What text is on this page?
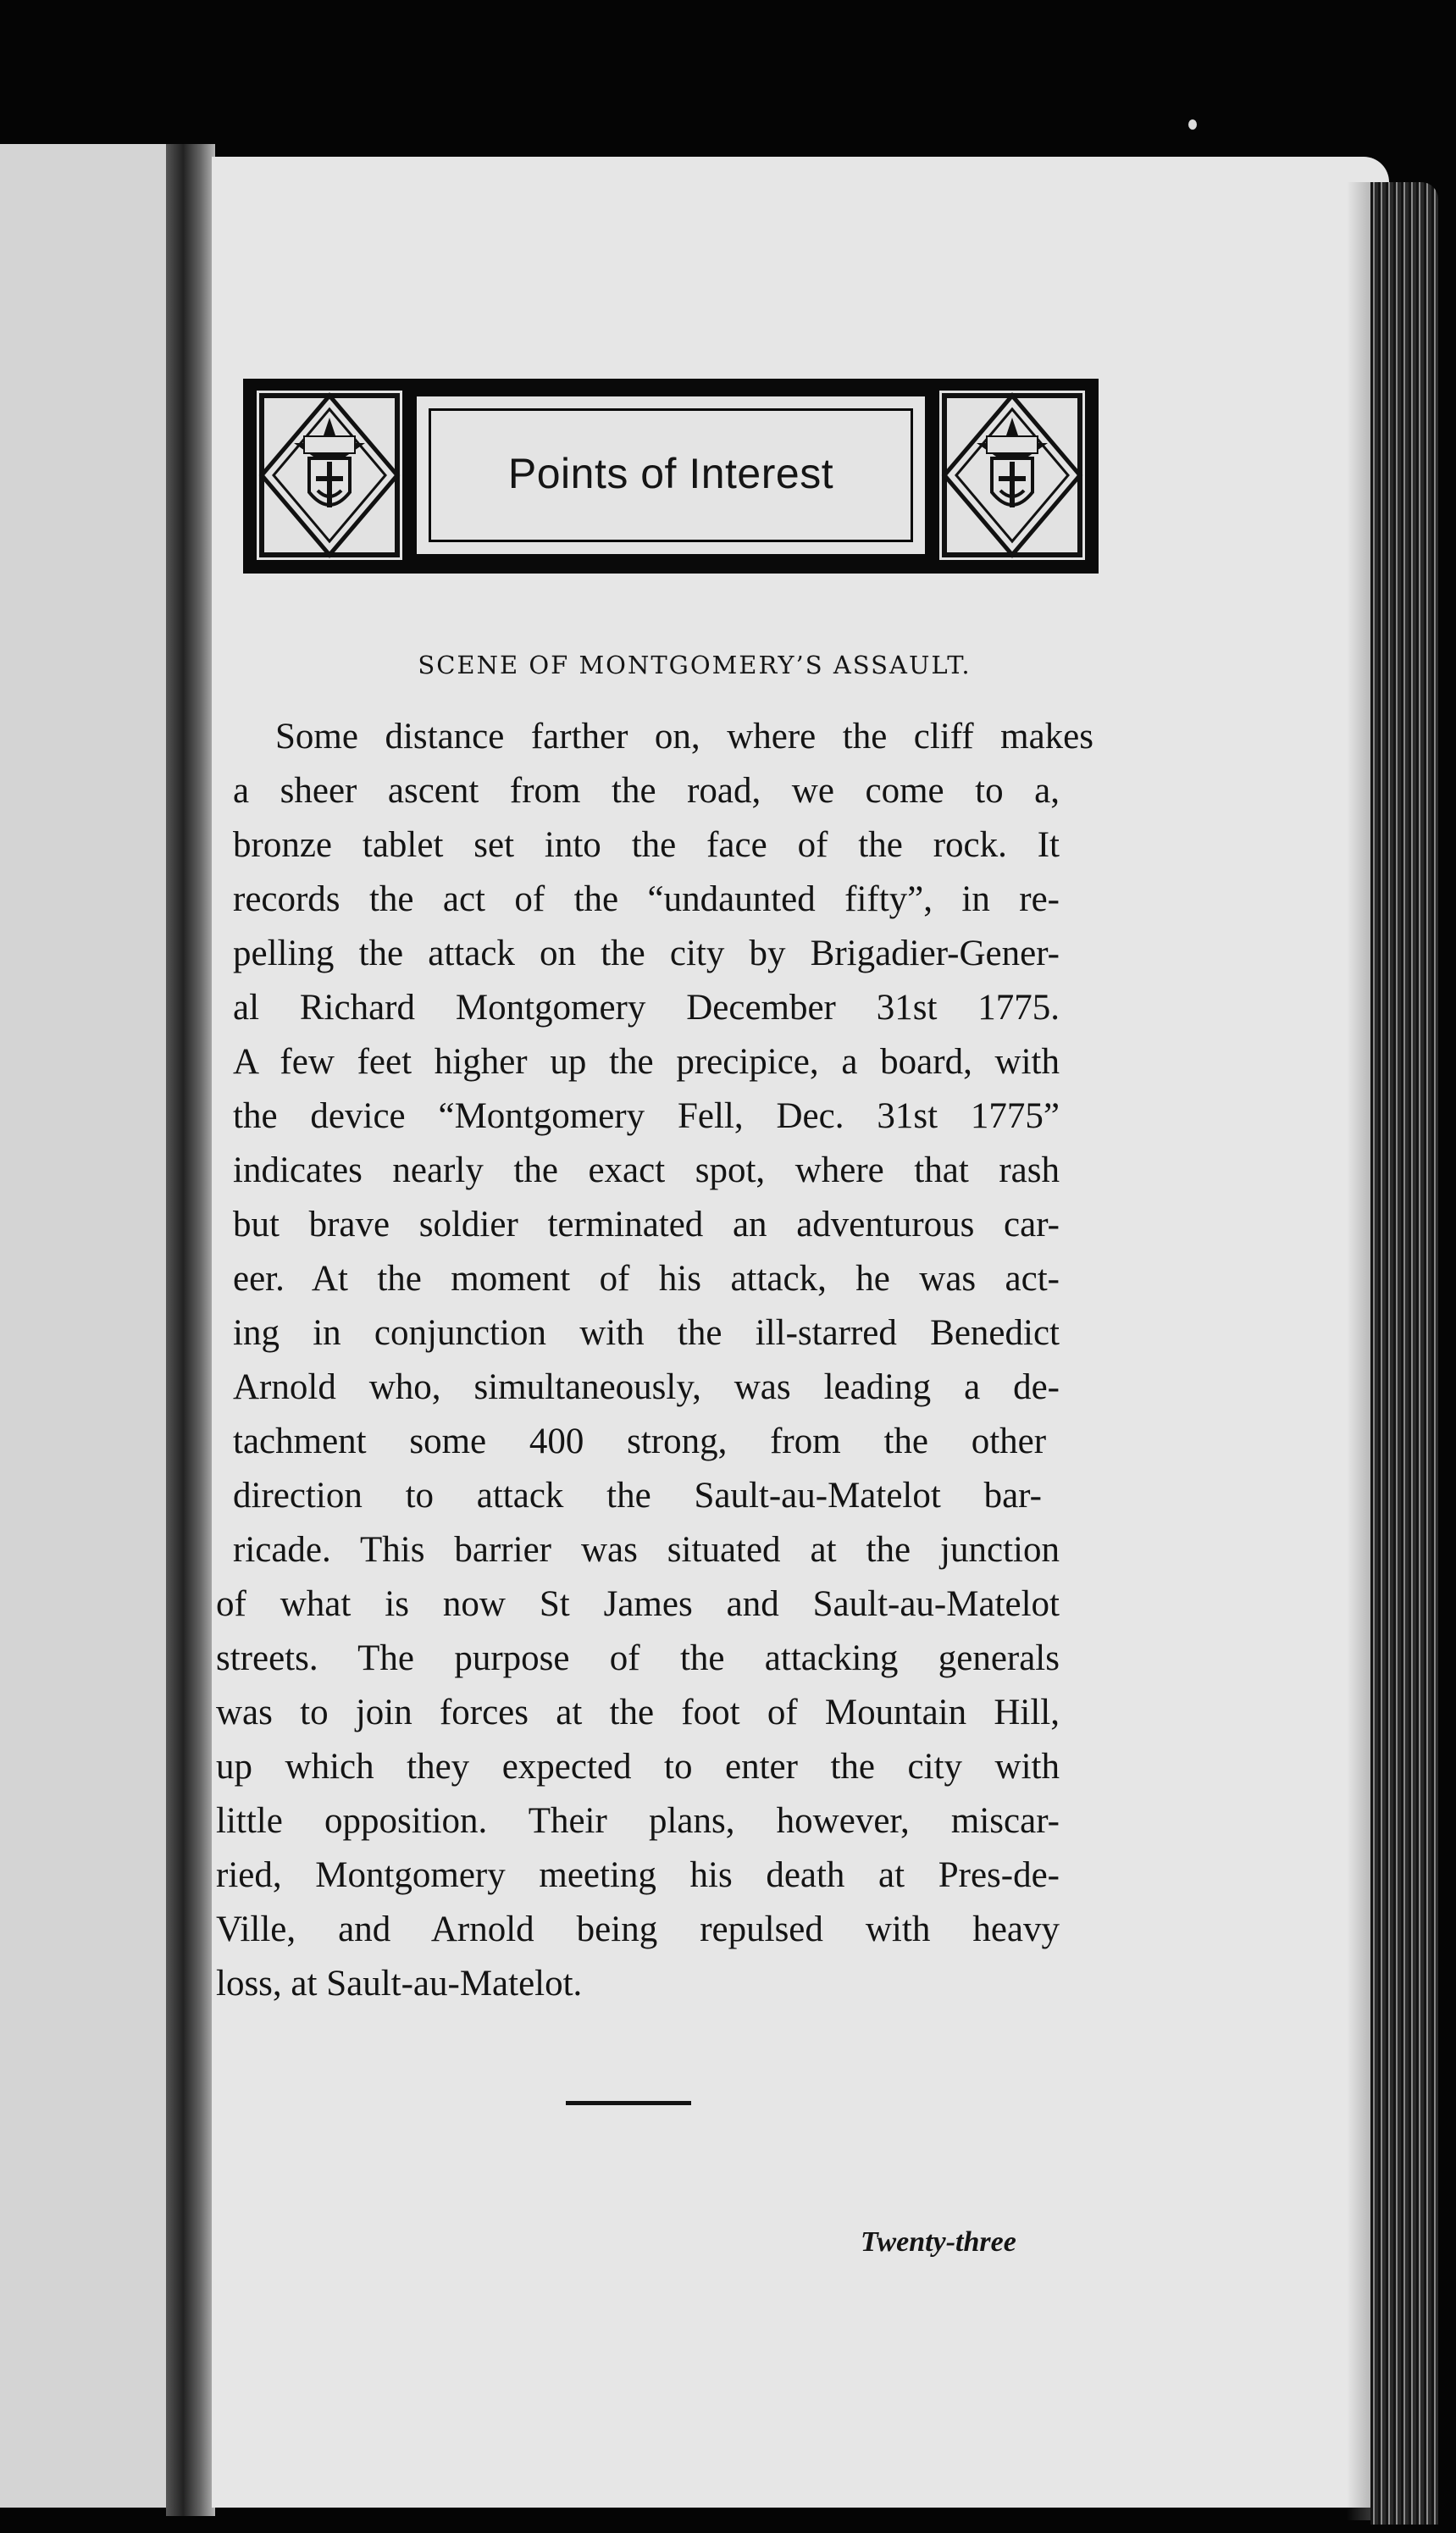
Points of Interest
SCENE OF MONTGOMERY’S ASSAULT.
Some distance farther on, where the cliff makes
a sheer ascent from the road, we come to a,
bronze tablet set into the face of the rock. It
records the act of the “undaunted fifty”, in re-
pelling the attack on the city by Brigadier-Gener-
al Richard Montgomery December 31st 1775.
A few feet higher up the precipice, a board, with
the device “Montgomery Fell, Dec. 31st 1775”
indicates nearly the exact spot, where that rash
but brave soldier terminated an adventurous car-
eer. At the moment of his attack, he was act-
ing in conjunction with the ill-starred Benedict
Arnold who, simultaneously, was leading a de-
tachment some 400 strong, from the other
direction to attack the Sault-au-Matelot bar-
ricade. This barrier was situated at the junction
of what is now St James and Sault-au-Matelot
streets. The purpose of the attacking generals
was to join forces at the foot of Mountain Hill,
up which they expected to enter the city with
little opposition. Their plans, however, miscar-
ried, Montgomery meeting his death at Pres-de-
Ville, and Arnold being repulsed with heavy
loss, at Sault-au-Matelot.
Twenty-three
